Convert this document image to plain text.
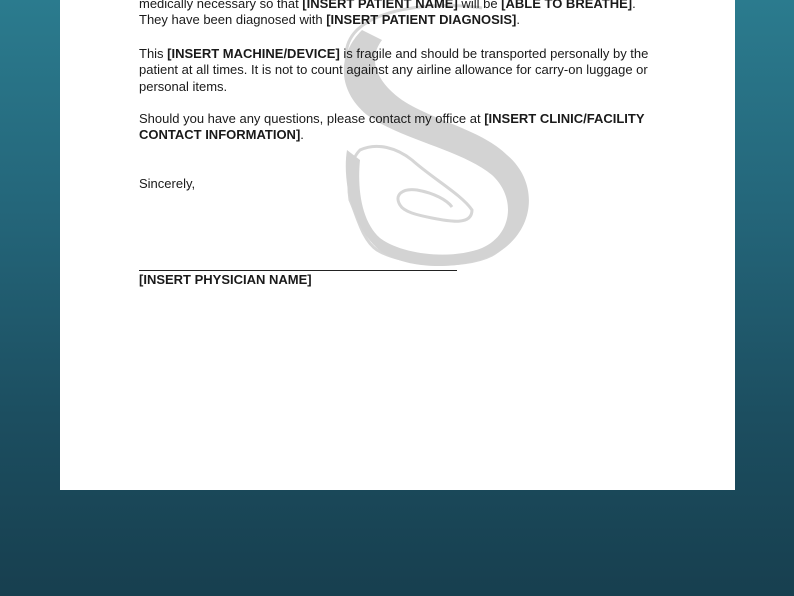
medically necessary so that [INSERT PATIENT NAME] will be [ABLE TO BREATHE]. They have been diagnosed with [INSERT PATIENT DIAGNOSIS].

This [INSERT MACHINE/DEVICE] is fragile and should be transported personally by the patient at all times. It is not to count against any airline allowance for carry-on luggage or personal items.

Should you have any questions, please contact my office at [INSERT CLINIC/FACILITY CONTACT INFORMATION].

Sincerely,

[INSERT PHYSICIAN NAME]
